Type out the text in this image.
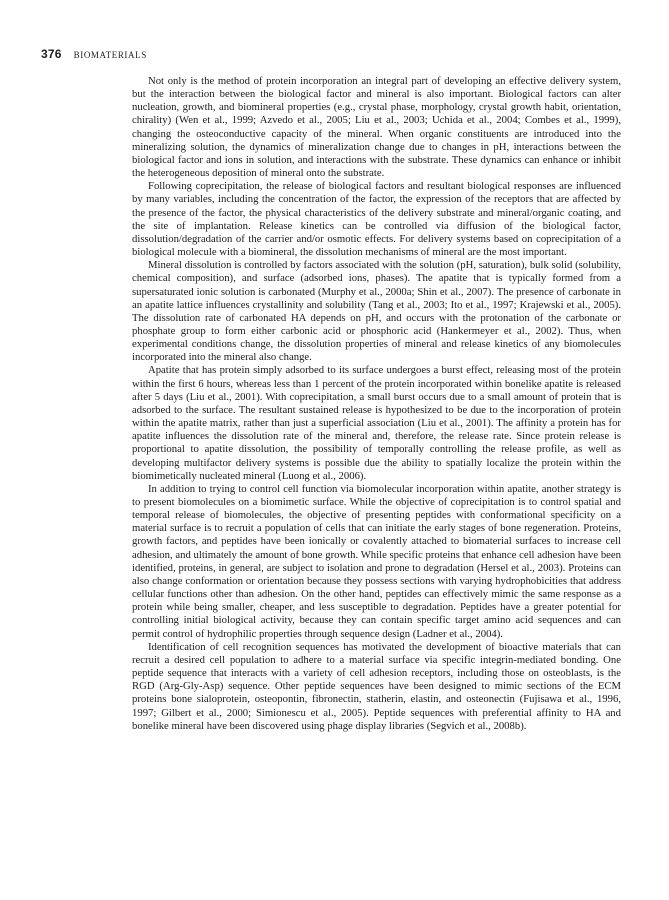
376 BIOMATERIALS

Not only is the method of protein incorporation an integral part of developing an effective delivery system, but the interaction between the biological factor and mineral is also important. Biological factors can alter nucleation, growth, and biomineral properties (e.g., crystal phase, morphology, crystal growth habit, orientation, chirality) (Wen et al., 1999; Azvedo et al., 2005; Liu et al., 2003; Uchida et al., 2004; Combes et al., 1999), changing the osteoconductive capacity of the mineral. When organic constituents are introduced into the mineralizing solution, the dynamics of mineralization change due to changes in pH, interactions between the biological factor and ions in solution, and interactions with the substrate. These dynamics can enhance or inhibit the heterogeneous deposition of mineral onto the substrate.

Following coprecipitation, the release of biological factors and resultant biological responses are influenced by many variables, including the concentration of the factor, the expression of the receptors that are affected by the presence of the factor, the physical characteristics of the delivery substrate and mineral/organic coating, and the site of implantation. Release kinetics can be controlled via diffusion of the biological factor, dissolution/degradation of the carrier and/or osmotic effects. For delivery systems based on coprecipitation of a biological molecule with a biomineral, the dissolution mechanisms of mineral are the most important.

Mineral dissolution is controlled by factors associated with the solution (pH, saturation), bulk solid (solubility, chemical composition), and surface (adsorbed ions, phases). The apatite that is typically formed from a supersaturated ionic solution is carbonated (Murphy et al., 2000a; Shin et al., 2007). The presence of carbonate in an apatite lattice influences crystallinity and solubility (Tang et al., 2003; Ito et al., 1997; Krajewski et al., 2005). The dissolution rate of carbonated HA depends on pH, and occurs with the protonation of the carbonate or phosphate group to form either carbonic acid or phosphoric acid (Hankermeyer et al., 2002). Thus, when experimental conditions change, the dissolution properties of mineral and release kinetics of any biomolecules incorporated into the mineral also change.

Apatite that has protein simply adsorbed to its surface undergoes a burst effect, releasing most of the protein within the first 6 hours, whereas less than 1 percent of the protein incorporated within bonelike apatite is released after 5 days (Liu et al., 2001). With coprecipitation, a small burst occurs due to a small amount of protein that is adsorbed to the surface. The resultant sustained release is hypothesized to be due to the incorporation of protein within the apatite matrix, rather than just a superficial association (Liu et al., 2001). The affinity a protein has for apatite influences the dissolution rate of the mineral and, therefore, the release rate. Since protein release is proportional to apatite dissolution, the possibility of temporally controlling the release profile, as well as developing multifactor delivery systems is possible due the ability to spatially localize the protein within the biomimetically nucleated mineral (Luong et al., 2006).

In addition to trying to control cell function via biomolecular incorporation within apatite, another strategy is to present biomolecules on a biomimetic surface. While the objective of coprecipitation is to control spatial and temporal release of biomolecules, the objective of presenting peptides with conformational specificity on a material surface is to recruit a population of cells that can initiate the early stages of bone regeneration. Proteins, growth factors, and peptides have been ionically or covalently attached to biomaterial surfaces to increase cell adhesion, and ultimately the amount of bone growth. While specific proteins that enhance cell adhesion have been identified, proteins, in general, are subject to isolation and prone to degradation (Hersel et al., 2003). Proteins can also change conformation or orientation because they possess sections with varying hydrophobicities that address cellular functions other than adhesion. On the other hand, peptides can effectively mimic the same response as a protein while being smaller, cheaper, and less susceptible to degradation. Peptides have a greater potential for controlling initial biological activity, because they can contain specific target amino acid sequences and can permit control of hydrophilic properties through sequence design (Ladner et al., 2004).

Identification of cell recognition sequences has motivated the development of bioactive materials that can recruit a desired cell population to adhere to a material surface via specific integrin-mediated bonding. One peptide sequence that interacts with a variety of cell adhesion receptors, including those on osteoblasts, is the RGD (Arg-Gly-Asp) sequence. Other peptide sequences have been designed to mimic sections of the ECM proteins bone sialoprotein, osteopontin, fibronectin, statherin, elastin, and osteonectin (Fujisawa et al., 1996, 1997; Gilbert et al., 2000; Simionescu et al., 2005). Peptide sequences with preferential affinity to HA and bonelike mineral have been discovered using phage display libraries (Segvich et al., 2008b).
